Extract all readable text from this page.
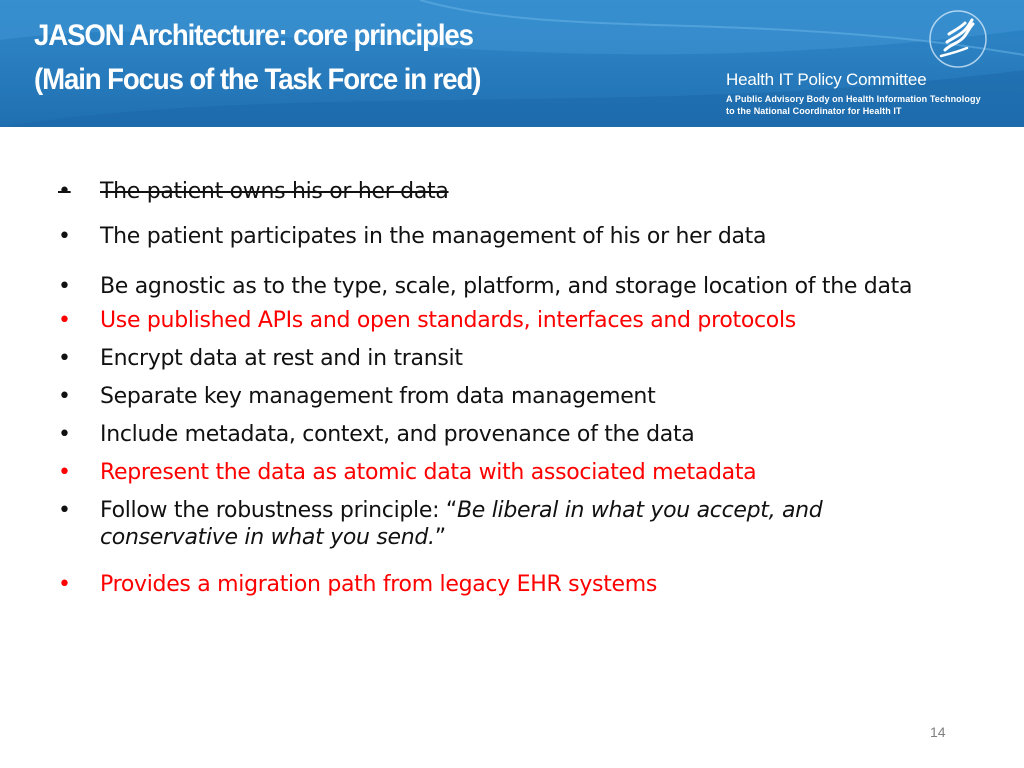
JASON Architecture: core principles
(Main Focus of the Task Force in red)	Health IT Policy Committee
A Public Advisory Body on Health Information Technology
to the National Coordinator for Health IT
•	The patient owns his or her data
•	The patient participates in the management of his or her data
•	Be agnostic as to the type, scale, platform, and storage location of the data
•	Use published APIs and open standards, interfaces and protocols
•	Encrypt data at rest and in transit
•	Separate key management from data management
•	Include metadata, context, and provenance of the data
•	Represent the data as atomic data with associated metadata
•	Follow the robustness principle: “Be liberal in what you accept, and conservative in what you send.”
•	Provides a migration path from legacy EHR systems
14
